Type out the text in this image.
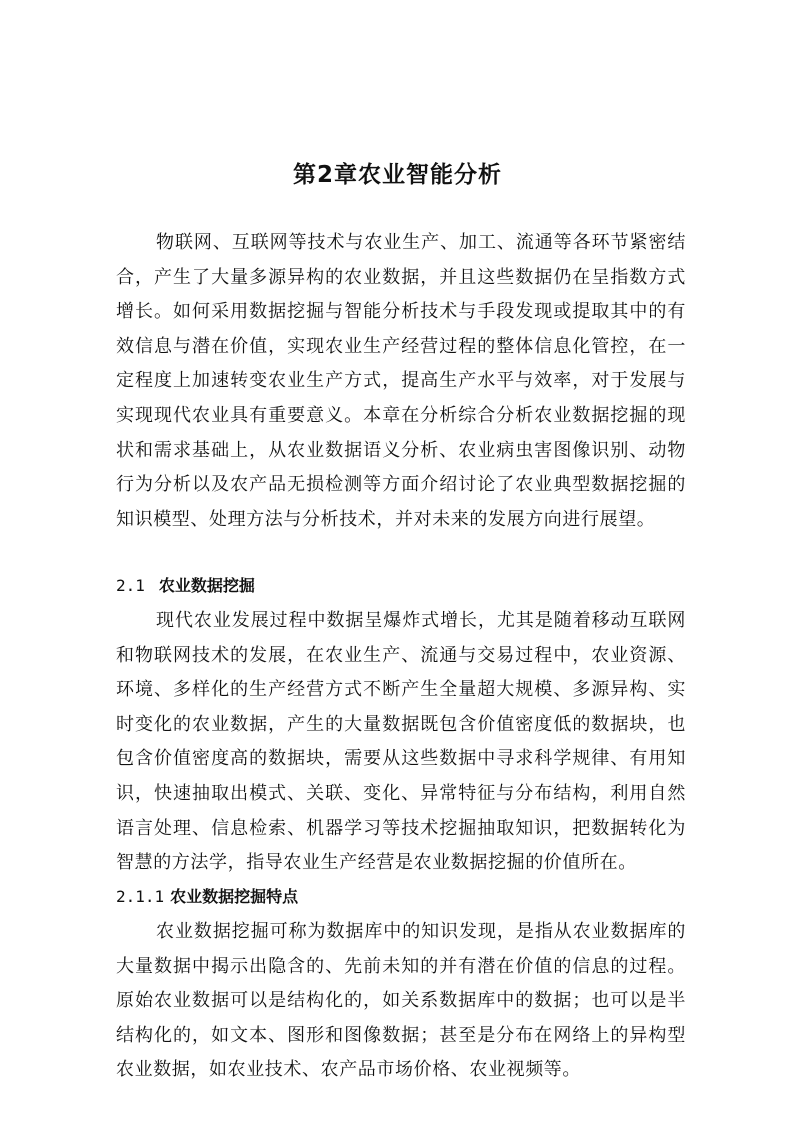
第2章农业智能分析

物联网、互联网等技术与农业生产、加工、流通等各环节紧密结合，产生了大量多源异构的农业数据，并且这些数据仍在呈指数方式增长。如何采用数据挖掘与智能分析技术与手段发现或提取其中的有效信息与潜在价值，实现农业生产经营过程的整体信息化管控，在一定程度上加速转变农业生产方式，提高生产水平与效率，对于发展与实现现代农业具有重要意义。本章在分析综合分析农业数据挖掘的现状和需求基础上，从农业数据语义分析、农业病虫害图像识别、动物行为分析以及农产品无损检测等方面介绍讨论了农业典型数据挖掘的知识模型、处理方法与分析技术，并对未来的发展方向进行展望。

2.1 农业数据挖掘

现代农业发展过程中数据呈爆炸式增长，尤其是随着移动互联网和物联网技术的发展，在农业生产、流通与交易过程中，农业资源、环境、多样化的生产经营方式不断产生全量超大规模、多源异构、实时变化的农业数据，产生的大量数据既包含价值密度低的数据块，也包含价值密度高的数据块，需要从这些数据中寻求科学规律、有用知识，快速抽取出模式、关联、变化、异常特征与分布结构，利用自然语言处理、信息检索、机器学习等技术挖掘抽取知识，把数据转化为智慧的方法学，指导农业生产经营是农业数据挖掘的价值所在。

2.1.1 农业数据挖掘特点

农业数据挖掘可称为数据库中的知识发现，是指从农业数据库的大量数据中揭示出隐含的、先前未知的并有潜在价值的信息的过程。原始农业数据可以是结构化的，如关系数据库中的数据；也可以是半结构化的，如文本、图形和图像数据；甚至是分布在网络上的异构型农业数据，如农业技术、农产品市场价格、农业视频等。
